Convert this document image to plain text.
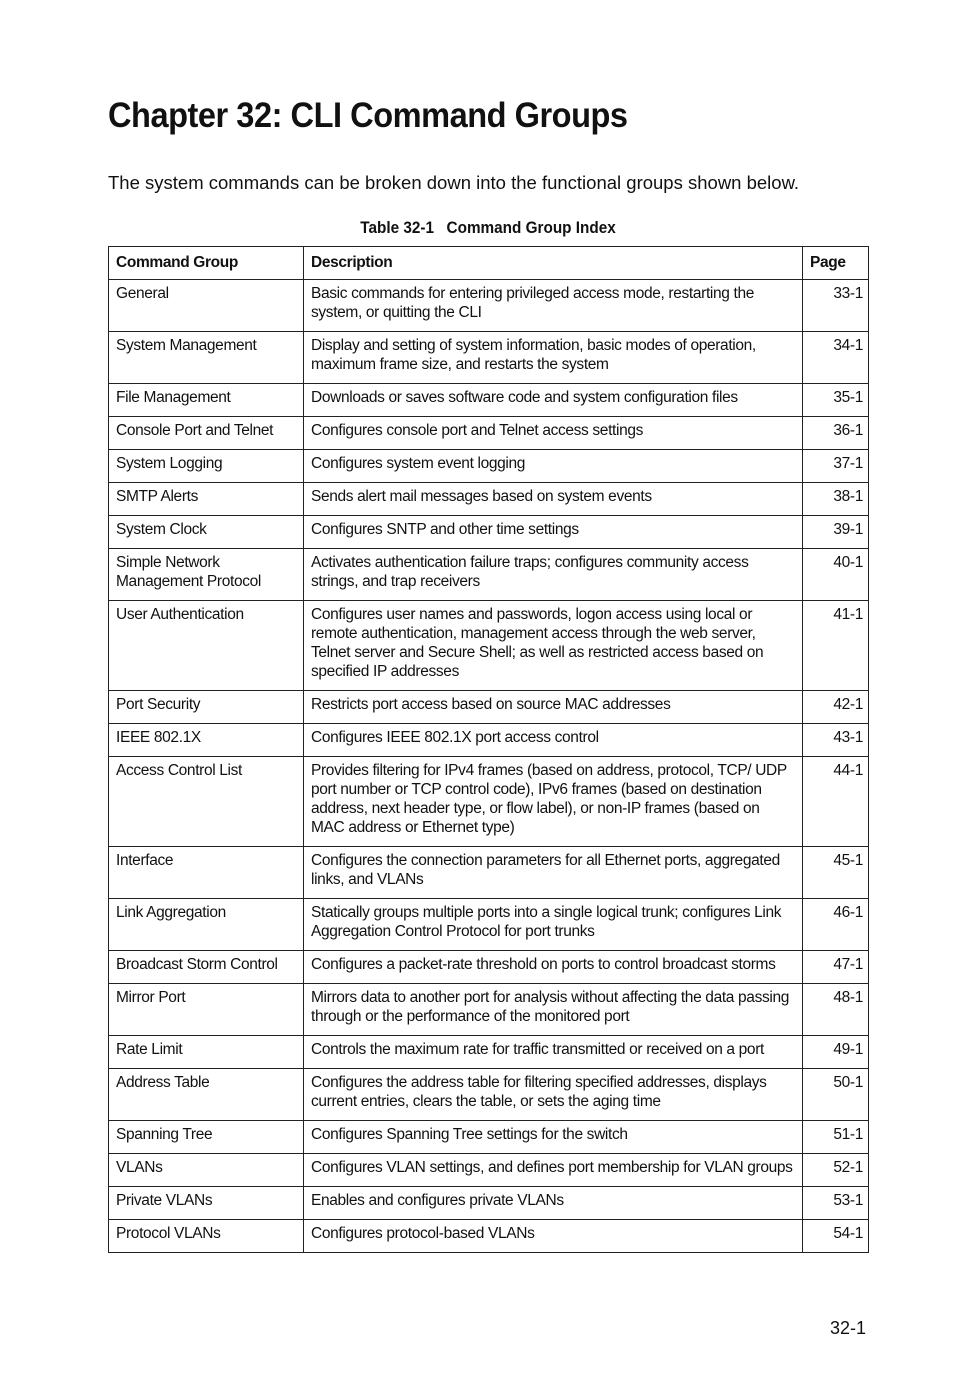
Chapter 32: CLI Command Groups

The system commands can be broken down into the functional groups shown below.

Table 32-1 Command Group Index
Command Group	Description	Page
General	Basic commands for entering privileged access mode, restarting the system, or quitting the CLI	33-1
System Management	Display and setting of system information, basic modes of operation, maximum frame size, and restarts the system	34-1
File Management	Downloads or saves software code and system configuration files	35-1
Console Port and Telnet	Configures console port and Telnet access settings	36-1
System Logging	Configures system event logging	37-1
SMTP Alerts	Sends alert mail messages based on system events	38-1
System Clock	Configures SNTP and other time settings	39-1
Simple Network Management Protocol	Activates authentication failure traps; configures community access strings, and trap receivers	40-1
User Authentication	Configures user names and passwords, logon access using local or remote authentication, management access through the web server, Telnet server and Secure Shell; as well as restricted access based on specified IP addresses	41-1
Port Security	Restricts port access based on source MAC addresses	42-1
IEEE 802.1X	Configures IEEE 802.1X port access control	43-1
Access Control List	Provides filtering for IPv4 frames (based on address, protocol, TCP/ UDP port number or TCP control code), IPv6 frames (based on destination address, next header type, or flow label), or non-IP frames (based on MAC address or Ethernet type)	44-1
Interface	Configures the connection parameters for all Ethernet ports, aggregated links, and VLANs	45-1
Link Aggregation	Statically groups multiple ports into a single logical trunk; configures Link Aggregation Control Protocol for port trunks	46-1
Broadcast Storm Control	Configures a packet-rate threshold on ports to control broadcast storms	47-1
Mirror Port	Mirrors data to another port for analysis without affecting the data passing through or the performance of the monitored port	48-1
Rate Limit	Controls the maximum rate for traffic transmitted or received on a port	49-1
Address Table	Configures the address table for filtering specified addresses, displays current entries, clears the table, or sets the aging time	50-1
Spanning Tree	Configures Spanning Tree settings for the switch	51-1
VLANs	Configures VLAN settings, and defines port membership for VLAN groups	52-1
Private VLANs	Enables and configures private VLANs	53-1
Protocol VLANs	Configures protocol-based VLANs	54-1
32-1
